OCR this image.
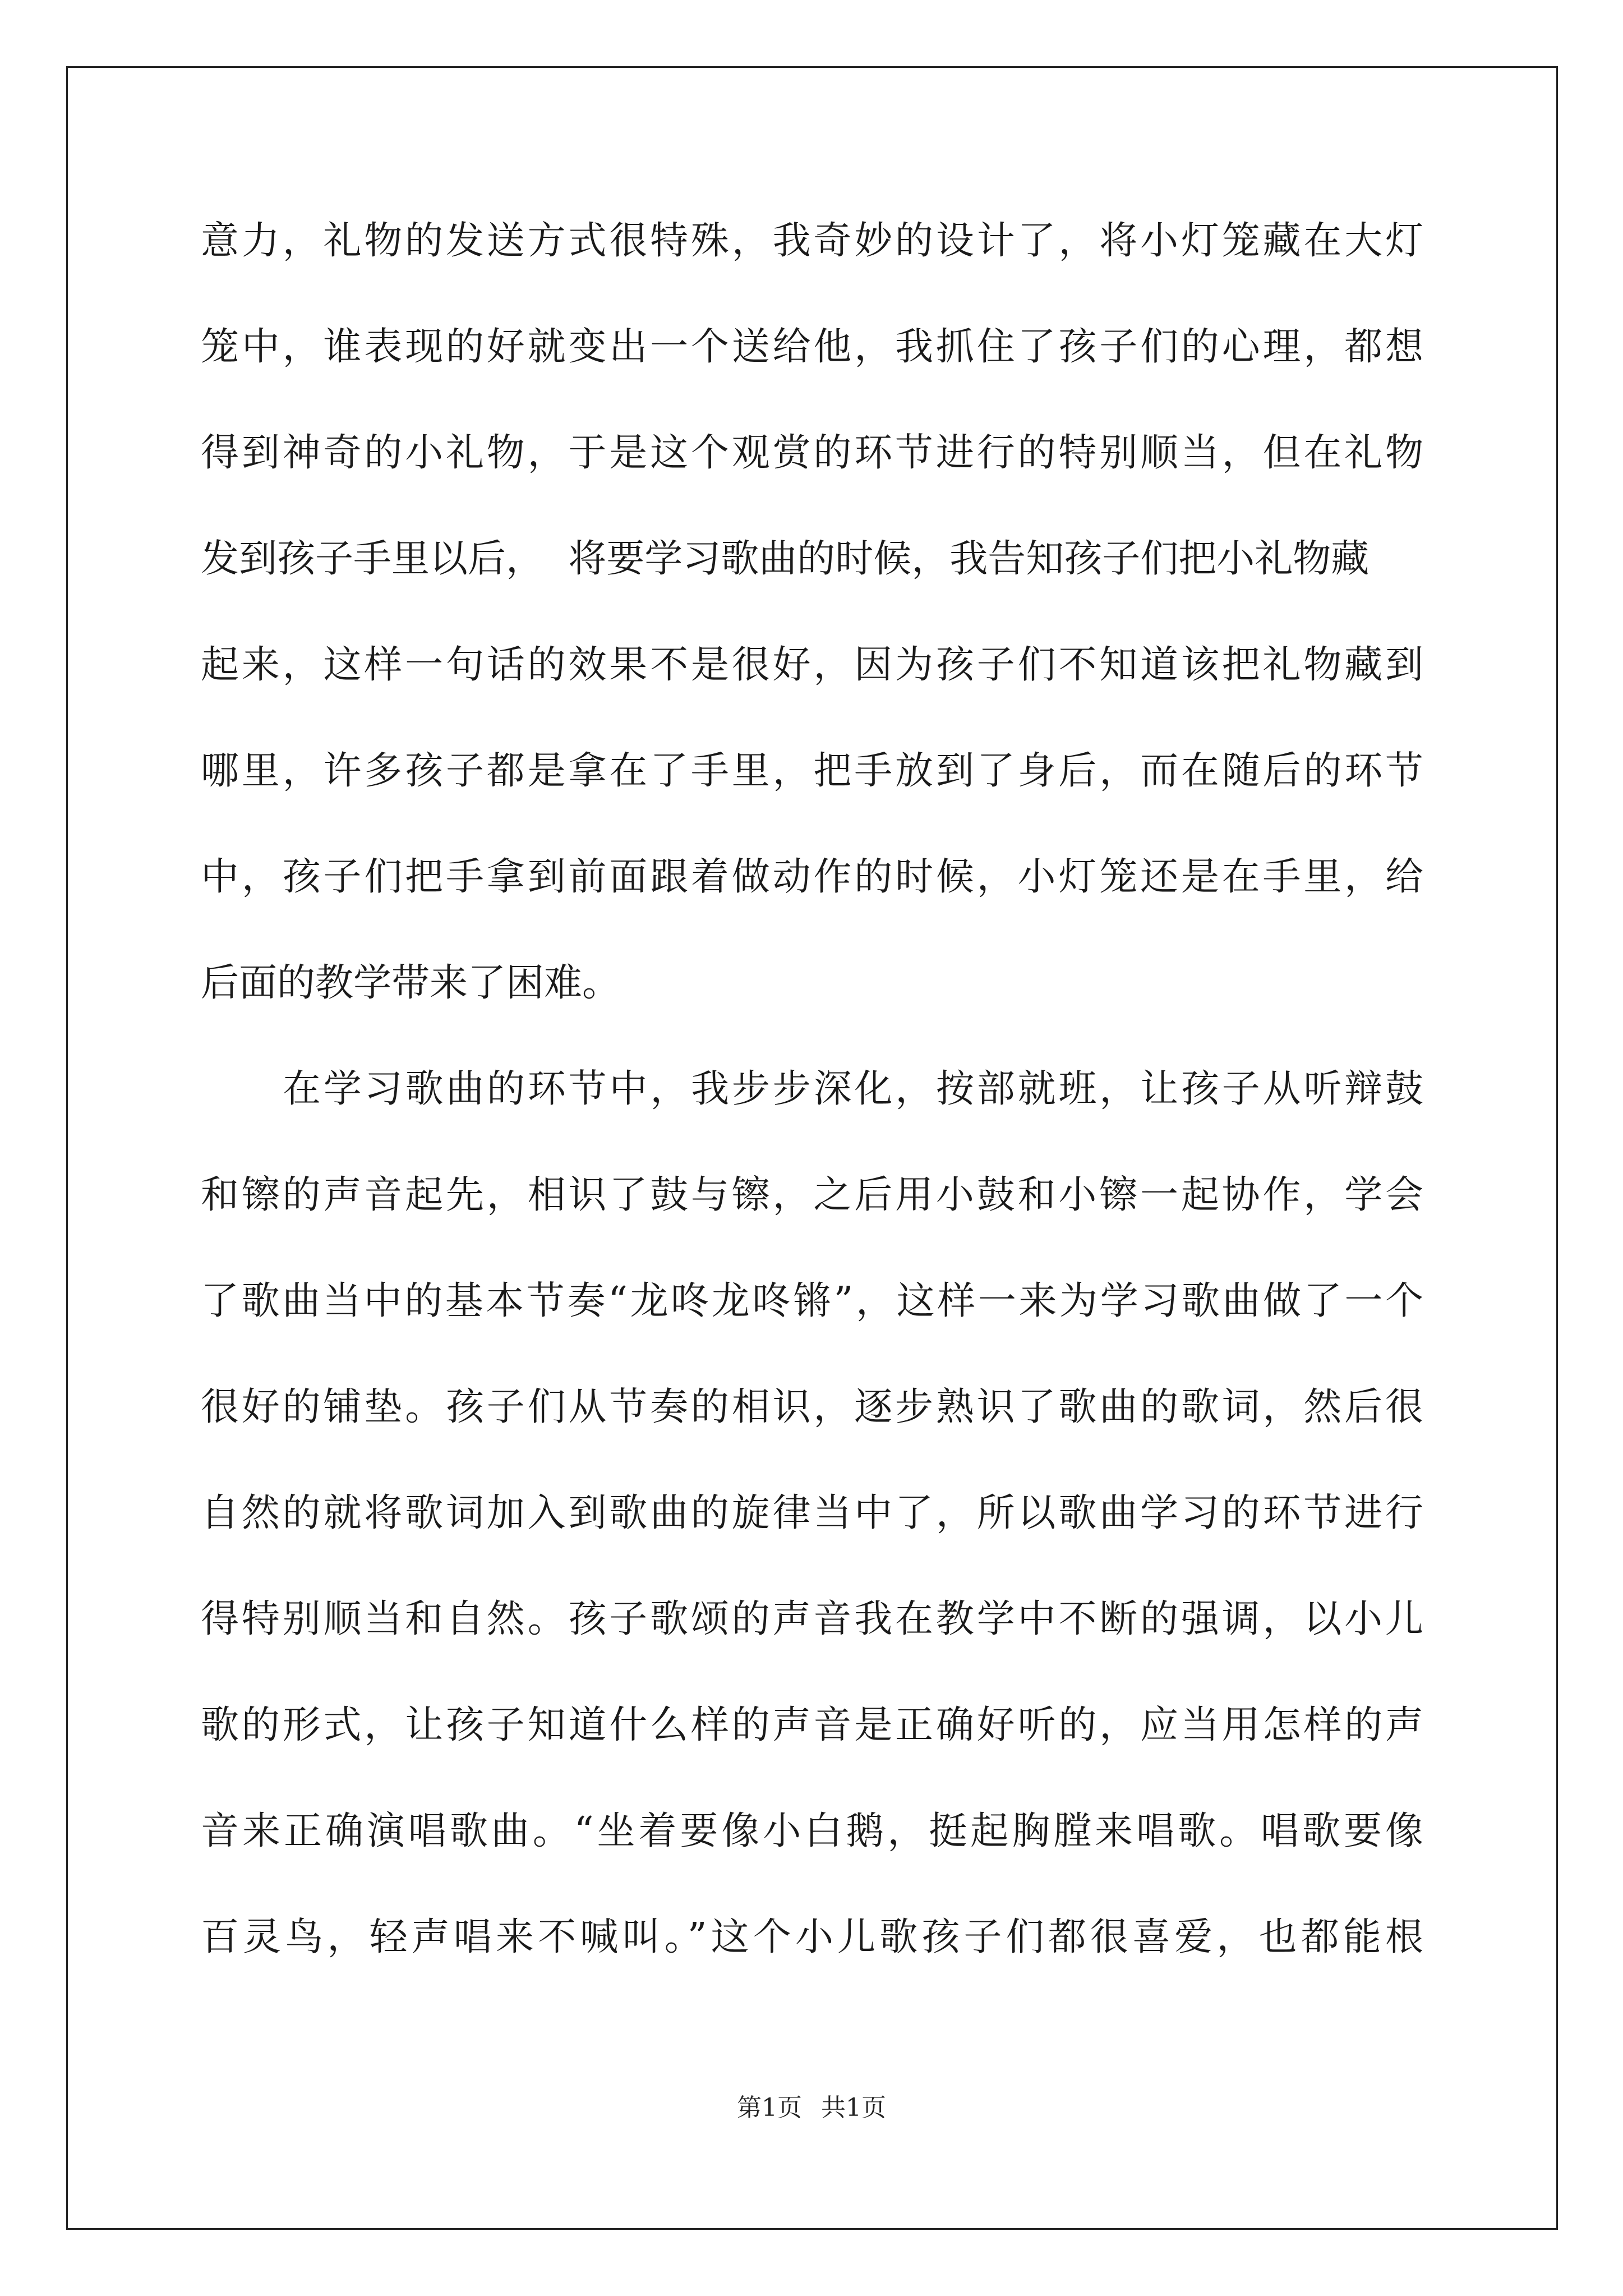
意力，礼物的发送方式很特殊，我奇妙的设计了，将小灯笼藏在大灯
笼中，谁表现的好就变出一个送给他，我抓住了孩子们的心理，都想
得到神奇的小礼物，于是这个观赏的环节进行的特别顺当，但在礼物
发到孩子手里以后，  将要学习歌曲的时候，我告知孩子们把小礼物藏
起来，这样一句话的效果不是很好，因为孩子们不知道该把礼物藏到
哪里，许多孩子都是拿在了手里，把手放到了身后，而在随后的环节
中，孩子们把手拿到前面跟着做动作的时候，小灯笼还是在手里，给
后面的教学带来了困难。
在学习歌曲的环节中，我步步深化，按部就班，让孩子从听辩鼓
和镲的声音起先，相识了鼓与镲，之后用小鼓和小镲一起协作，学会
了歌曲当中的基本节奏“龙咚龙咚锵”，这样一来为学习歌曲做了一个
很好的铺垫。孩子们从节奏的相识，逐步熟识了歌曲的歌词，然后很
自然的就将歌词加入到歌曲的旋律当中了，所以歌曲学习的环节进行
得特别顺当和自然。孩子歌颂的声音我在教学中不断的强调，以小儿
歌的形式，让孩子知道什么样的声音是正确好听的，应当用怎样的声
音来正确演唱歌曲。“坐着要像小白鹅，挺起胸膛来唱歌。唱歌要像
百灵鸟，轻声唱来不喊叫。”这个小儿歌孩子们都很喜爱，也都能根
第1页 共1页
